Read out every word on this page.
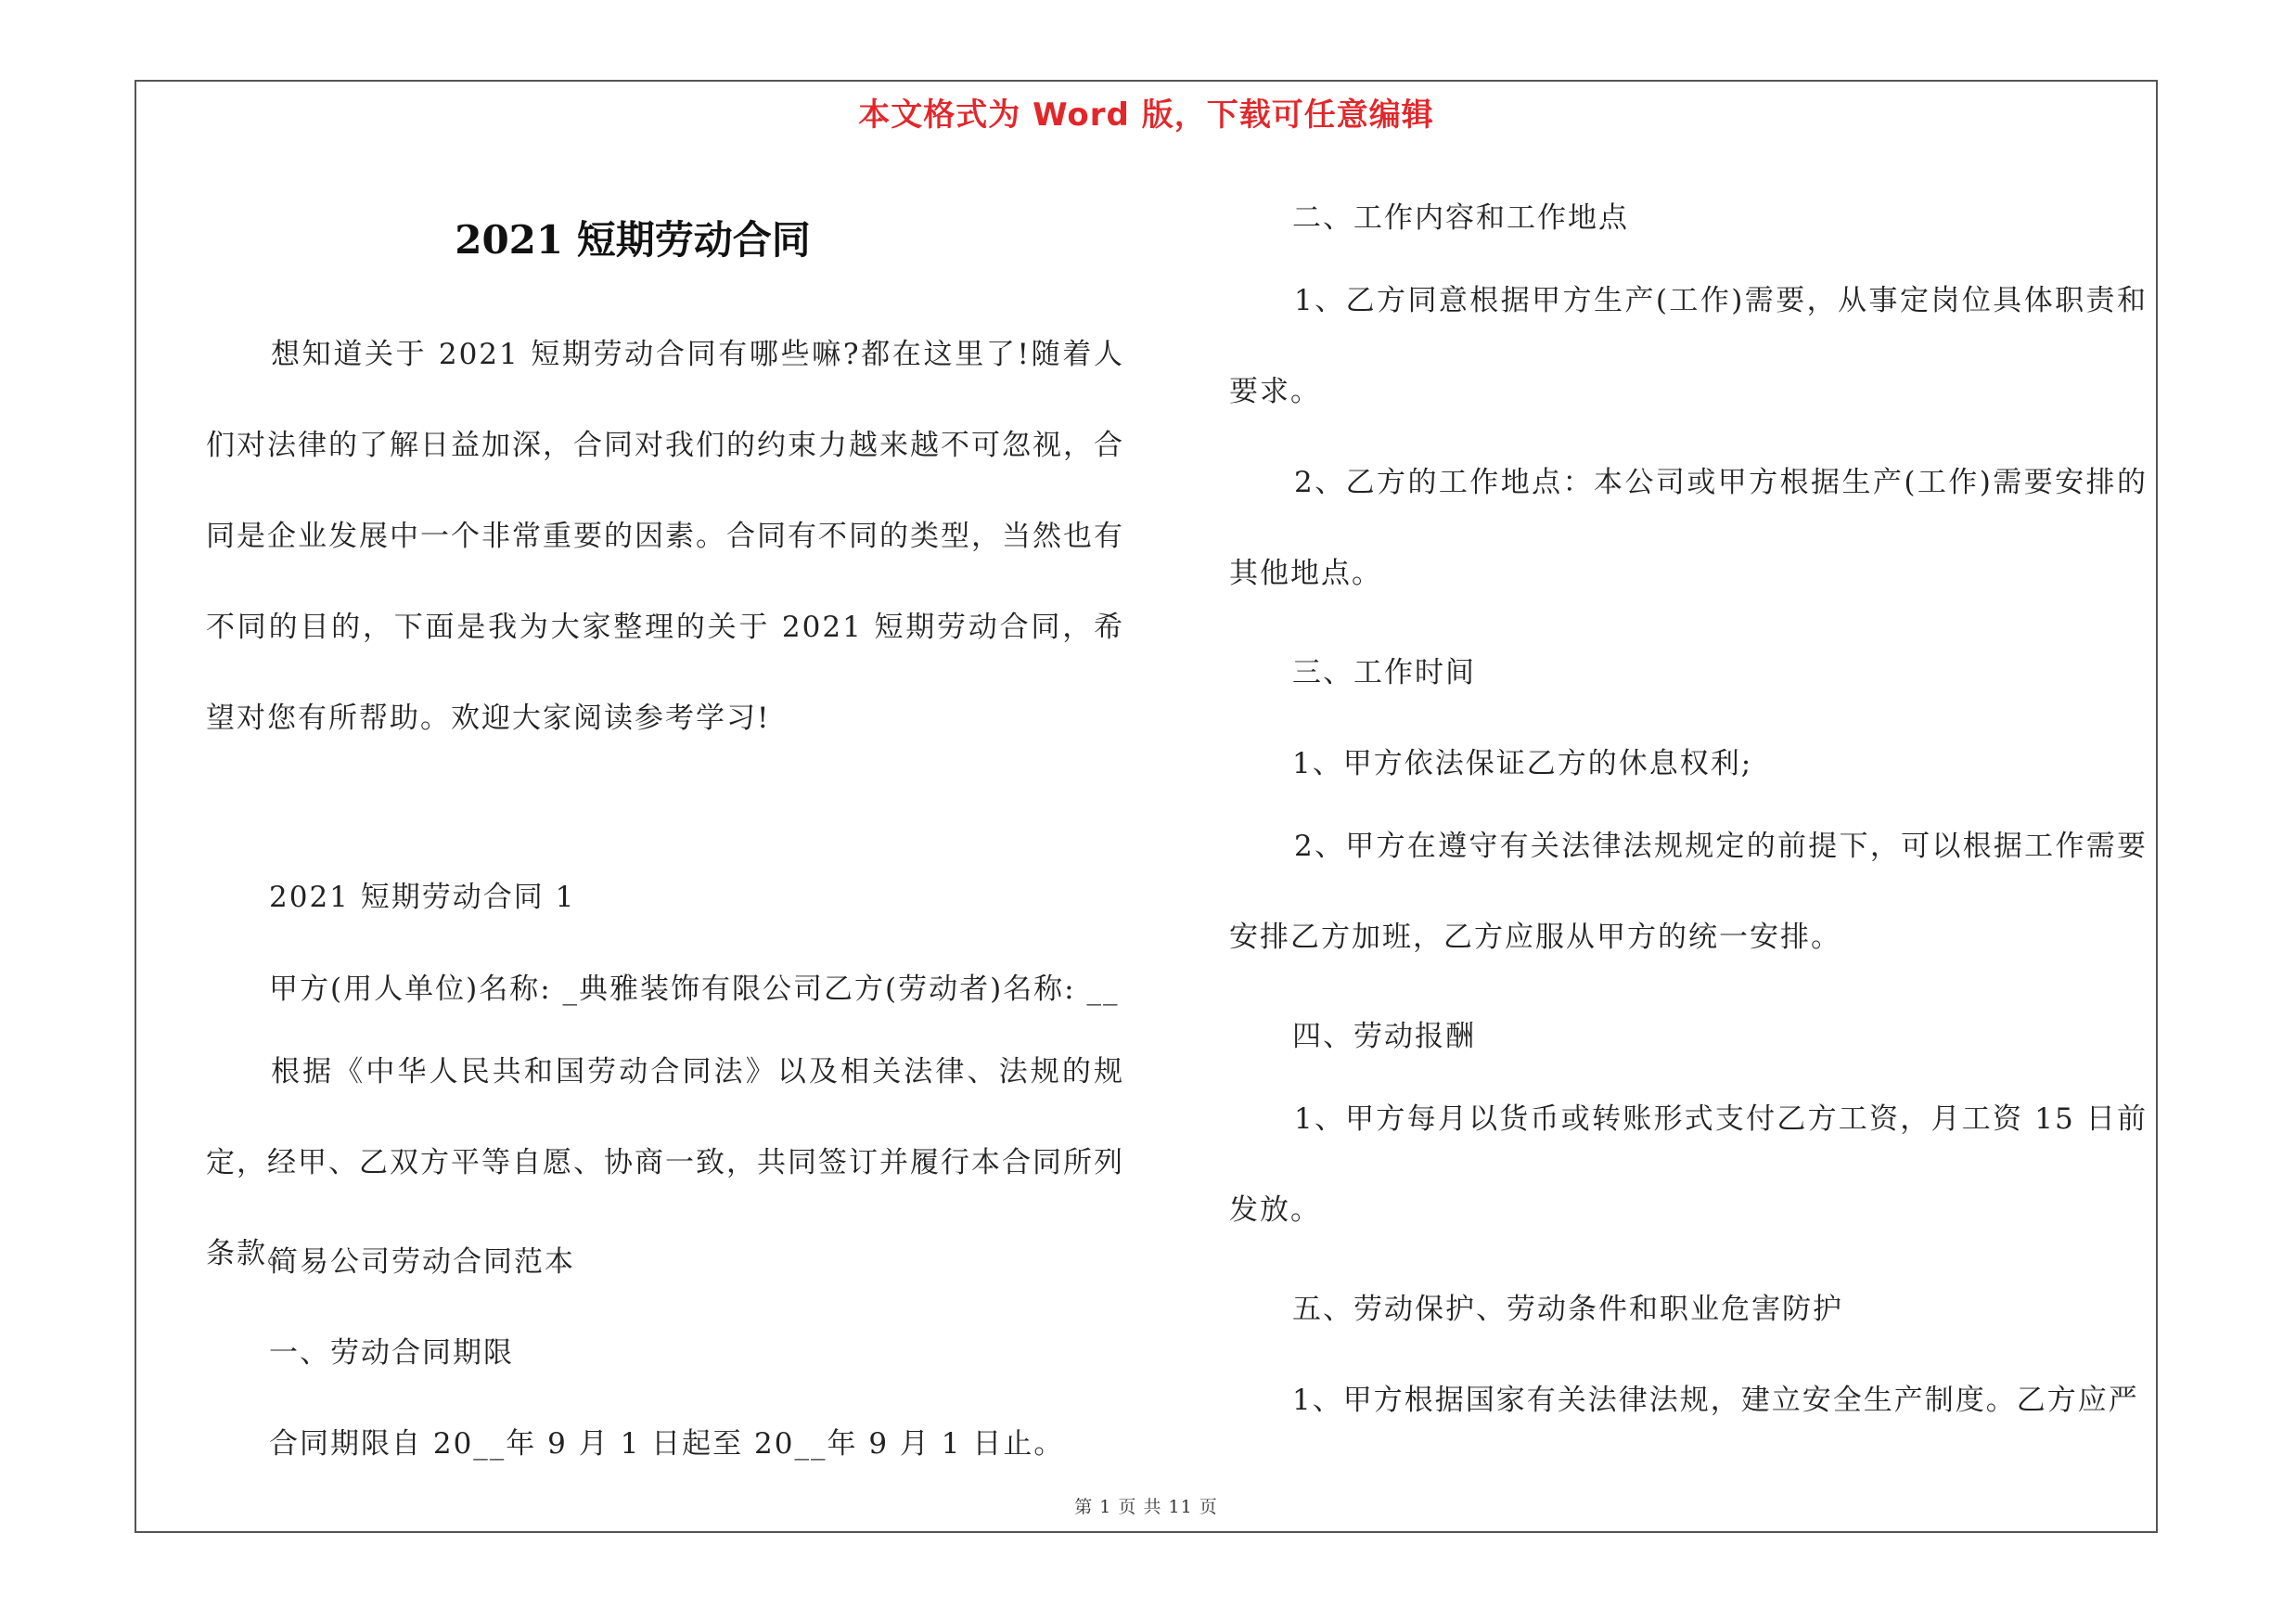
本文格式为 Word 版，下载可任意编辑
2021 短期劳动合同
想知道关于 2021 短期劳动合同有哪些嘛?都在这里了!随着人们对法律的了解日益加深，合同对我们的约束力越来越不可忽视，合同是企业发展中一个非常重要的因素。合同有不同的类型，当然也有不同的目的，下面是我为大家整理的关于 2021 短期劳动合同，希望对您有所帮助。欢迎大家阅读参考学习!
2021 短期劳动合同 1
甲方(用人单位)名称: _典雅装饰有限公司乙方(劳动者)名称: __
根据《中华人民共和国劳动合同法》以及相关法律、法规的规定，经甲、乙双方平等自愿、协商一致，共同签订并履行本合同所列条款。
简易公司劳动合同范本
一、劳动合同期限
合同期限自 20__年 9 月 1 日起至 20__年 9 月 1 日止。
二、工作内容和工作地点
1、乙方同意根据甲方生产(工作)需要，从事定岗位具体职责和要求。
2、乙方的工作地点：本公司或甲方根据生产(工作)需要安排的其他地点。
三、工作时间
1、甲方依法保证乙方的休息权利;
2、甲方在遵守有关法律法规规定的前提下，可以根据工作需要安排乙方加班，乙方应服从甲方的统一安排。
四、劳动报酬
1、甲方每月以货币或转账形式支付乙方工资，月工资 15 日前发放。
五、劳动保护、劳动条件和职业危害防护
1、甲方根据国家有关法律法规，建立安全生产制度。乙方应严
第 1 页 共 11 页
